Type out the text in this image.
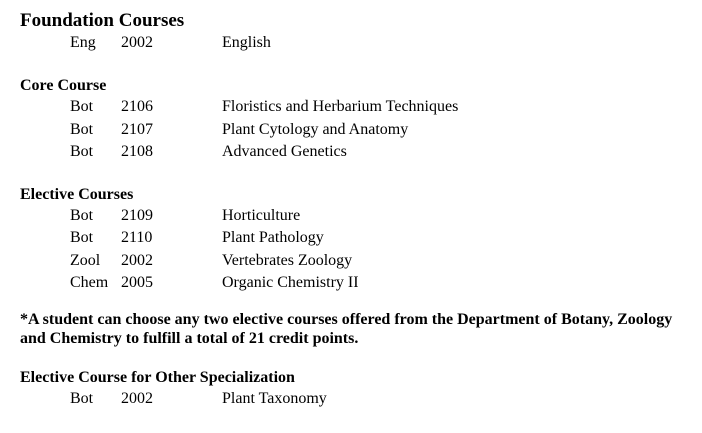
Foundation Courses
Eng 2002	English
Core Course
Bot 2106	Floristics and Herbarium Techniques
Bot 2107	Plant Cytology and Anatomy
Bot 2108	Advanced Genetics
Elective Courses
Bot 2109	Horticulture
Bot 2110	Plant Pathology
Zool 2002	Vertebrates Zoology
Chem 2005	Organic Chemistry II

*A student can choose any two elective courses offered from the Department of Botany, Zoology and Chemistry to fulfill a total of 21 credit points.

Elective Course for Other Specialization
Bot 2002	Plant Taxonomy
